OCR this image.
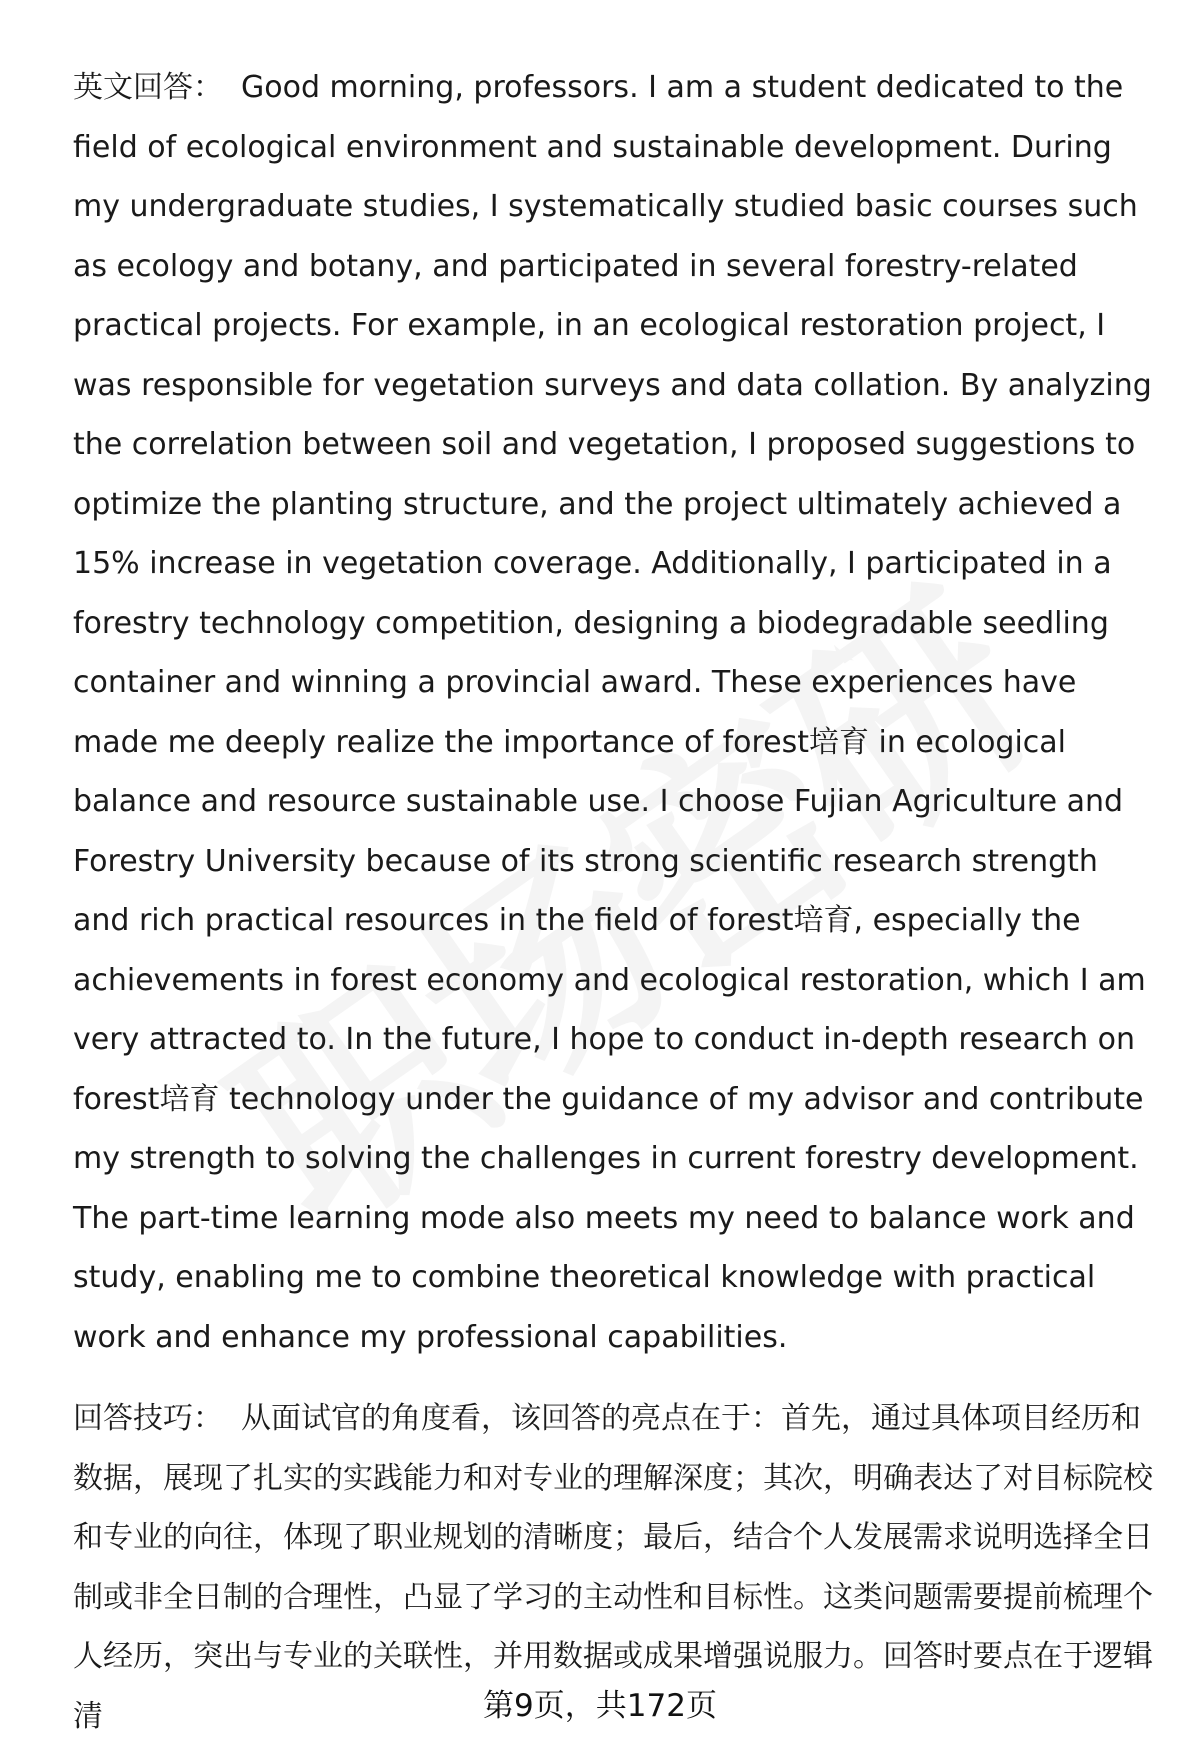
英文回答： Good morning, professors. I am a student dedicated to the field of ecological environment and sustainable development. During my undergraduate studies, I systematically studied basic courses such as ecology and botany, and participated in several forestry-related practical projects. For example, in an ecological restoration project, I was responsible for vegetation surveys and data collation. By analyzing the correlation between soil and vegetation, I proposed suggestions to optimize the planting structure, and the project ultimately achieved a 15% increase in vegetation coverage. Additionally, I participated in a forestry technology competition, designing a biodegradable seedling container and winning a provincial award. These experiences have made me deeply realize the importance of forest培育 in ecological balance and resource sustainable use. I choose Fujian Agriculture and Forestry University because of its strong scientific research strength and rich practical resources in the field of forest培育, especially the achievements in forest economy and ecological restoration, which I am very attracted to. In the future, I hope to conduct in-depth research on forest培育 technology under the guidance of my advisor and contribute my strength to solving the challenges in current forestry development. The part-time learning mode also meets my need to balance work and study, enabling me to combine theoretical knowledge with practical work and enhance my professional capabilities.

回答技巧： 从面试官的角度看，该回答的亮点在于：首先，通过具体项目经历和数据，展现了扎实的实践能力和对专业的理解深度；其次，明确表达了对目标院校和专业的向往，体现了职业规划的清晰度；最后，结合个人发展需求说明选择全日制或非全日制的合理性，凸显了学习的主动性和目标性。这类问题需要提前梳理个人经历，突出与专业的关联性，并用数据或成果增强说服力。回答时要点在于逻辑清	第9页，共172页
